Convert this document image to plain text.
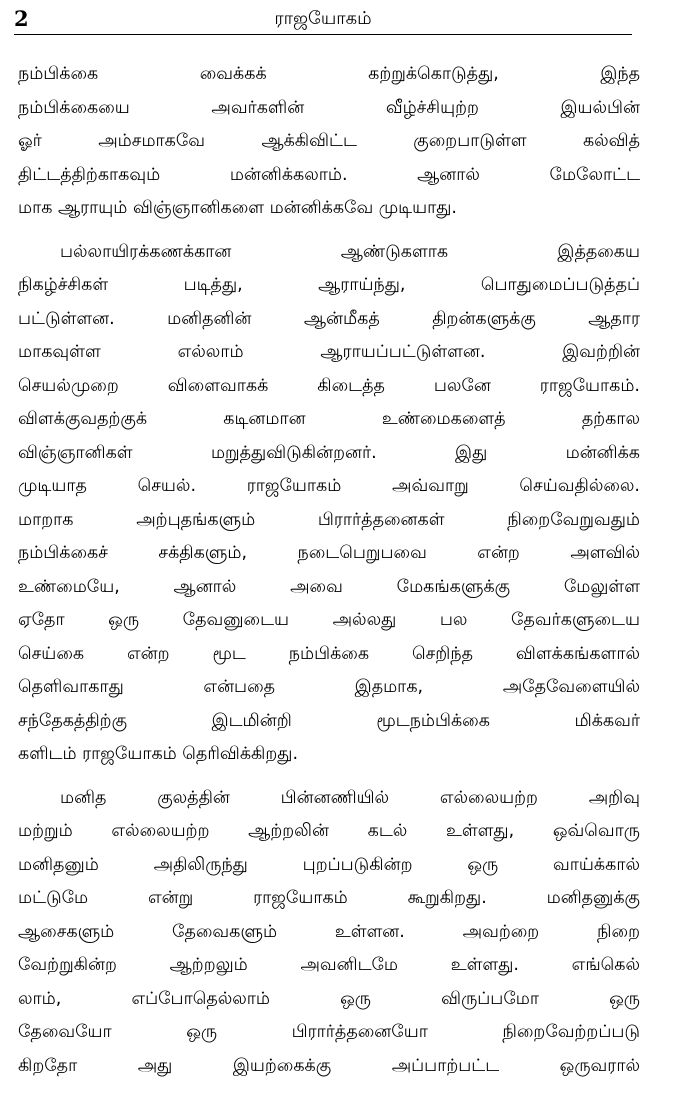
2	ராஜயோகம்
நம்பிக்கை வைக்கக் கற்றுக்கொடுத்து, இந்த
நம்பிக்கையை அவர்களின் வீழ்ச்சியுற்ற இயல்பின்
ஓர் அம்சமாகவே ஆக்கிவிட்ட குறைபாடுள்ள கல்வித்
திட்டத்திற்காகவும் மன்னிக்கலாம். ஆனால் மேலோட்ட
மாக ஆராயும் விஞ்ஞானிகளை மன்னிக்கவே முடியாது.
பல்லாயிரக்கணக்கான ஆண்டுகளாக இத்தகைய
நிகழ்ச்சிகள் படித்து, ஆராய்ந்து, பொதுமைப்படுத்தப்
பட்டுள்ளன. மனிதனின் ஆன்மீகத் திறன்களுக்கு ஆதார
மாகவுள்ள எல்லாம் ஆராயப்பட்டுள்ளன. இவற்றின்
செயல்முறை விளைவாகக் கிடைத்த பலனே ராஜயோகம்.
விளக்குவதற்குக் கடினமான உண்மைகளைத் தற்கால
விஞ்ஞானிகள் மறுத்துவிடுகின்றனர். இது மன்னிக்க
முடியாத செயல். ராஜயோகம் அவ்வாறு செய்வதில்லை.
மாறாக அற்புதங்களும் பிரார்த்தனைகள் நிறைவேறுவதும்
நம்பிக்கைச் சக்திகளும், நடைபெறுபவை என்ற அளவில்
உண்மையே, ஆனால் அவை மேகங்களுக்கு மேலுள்ள
ஏதோ ஒரு தேவனுடைய அல்லது பல தேவர்களுடைய
செய்கை என்ற மூட நம்பிக்கை செறிந்த விளக்கங்களால்
தெளிவாகாது என்பதை இதமாக, அதேவேளையில்
சந்தேகத்திற்கு இடமின்றி மூடநம்பிக்கை மிக்கவர்
களிடம் ராஜயோகம் தெரிவிக்கிறது.
மனித குலத்தின் பின்னணியில் எல்லையற்ற அறிவு
மற்றும் எல்லையற்ற ஆற்றலின் கடல் உள்ளது, ஒவ்வொரு
மனிதனும் அதிலிருந்து புறப்படுகின்ற ஒரு வாய்க்கால்
மட்டுமே என்று ராஜயோகம் கூறுகிறது. மனிதனுக்கு
ஆசைகளும் தேவைகளும் உள்ளன. அவற்றை நிறை
வேற்றுகின்ற ஆற்றலும் அவனிடமே உள்ளது. எங்கெல்
லாம், எப்போதெல்லாம் ஒரு விருப்பமோ ஒரு
தேவையோ ஒரு பிரார்த்தனையோ நிறைவேற்றப்படு
கிறதோ அது இயற்கைக்கு அப்பாற்பட்ட ஒருவரால்
